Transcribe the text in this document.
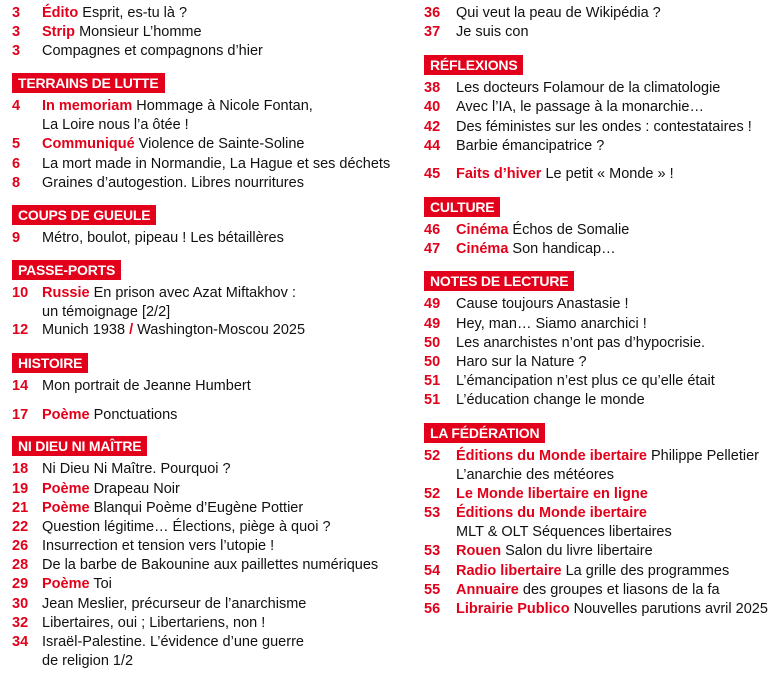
3	Édito Esprit, es-tu là ?
3	Strip Monsieur L’homme
3	Compagnes et compagnons d’hier
TERRAINS DE LUTTE
4	In memoriam Hommage à Nicole Fontan,
La Loire nous l’a ôtée !
5	Communiqué Violence de Sainte-Soline
6	La mort made in Normandie, La Hague et ses déchets
8	Graines d’autogestion. Libres nourritures
COUPS DE GUEULE
9	Métro, boulot, pipeau ! Les bétaillères
PASSE-PORTS
10 Russie En prison avec Azat Miftakhov :
un témoignage [2/2]
12 Munich 1938 / Washington-Moscou 2025
HISTOIRE
14 Mon portrait de Jeanne Humbert
17 Poème Ponctuations
NI DIEU NI MAÎTRE
18 Ni Dieu Ni Maître. Pourquoi ?
19 Poème Drapeau Noir
21 Poème Blanqui Poème d’Eugène Pottier
22 Question légitime… Élections, piège à quoi ?
26 Insurrection et tension vers l’utopie !
28 De la barbe de Bakounine aux paillettes numériques
29 Poème Toi
30 Jean Meslier, précurseur de l’anarchisme
32 Libertaires, oui ; Libertariens, non !
34 Israël-Palestine. L’évidence d’une guerre
de religion 1/2
36	Qui veut la peau de Wikipédia ?
37	Je suis con
RÉFLEXIONS
38	Les docteurs Folamour de la climatologie
40	Avec l’IA, le passage à la monarchie…
42	Des féministes sur les ondes : contestataires !
44	Barbie émancipatrice ?
45	Faits d’hiver Le petit « Monde » !
CULTURE
46	Cinéma Échos de Somalie
47	Cinéma Son handicap…
NOTES DE LECTURE
49	Cause toujours Anastasie !
49	Hey, man… Siamo anarchici !
50	Les anarchistes n’ont pas d’hypocrisie.
50	Haro sur la Nature ?
51	L’émancipation n’est plus ce qu’elle était
51	L’éducation change le monde
LA FÉDÉRATION
52	Éditions du Monde ibertaire Philippe Pelletier
L’anarchie des météores
52	Le Monde libertaire en ligne
53	Éditions du Monde ibertaire
MLT & OLT Séquences libertaires
53	Rouen Salon du livre libertaire
54	Radio libertaire La grille des programmes
55	Annuaire des groupes et liasons de la fa
56	Librairie Publico Nouvelles parutions avril 2025
